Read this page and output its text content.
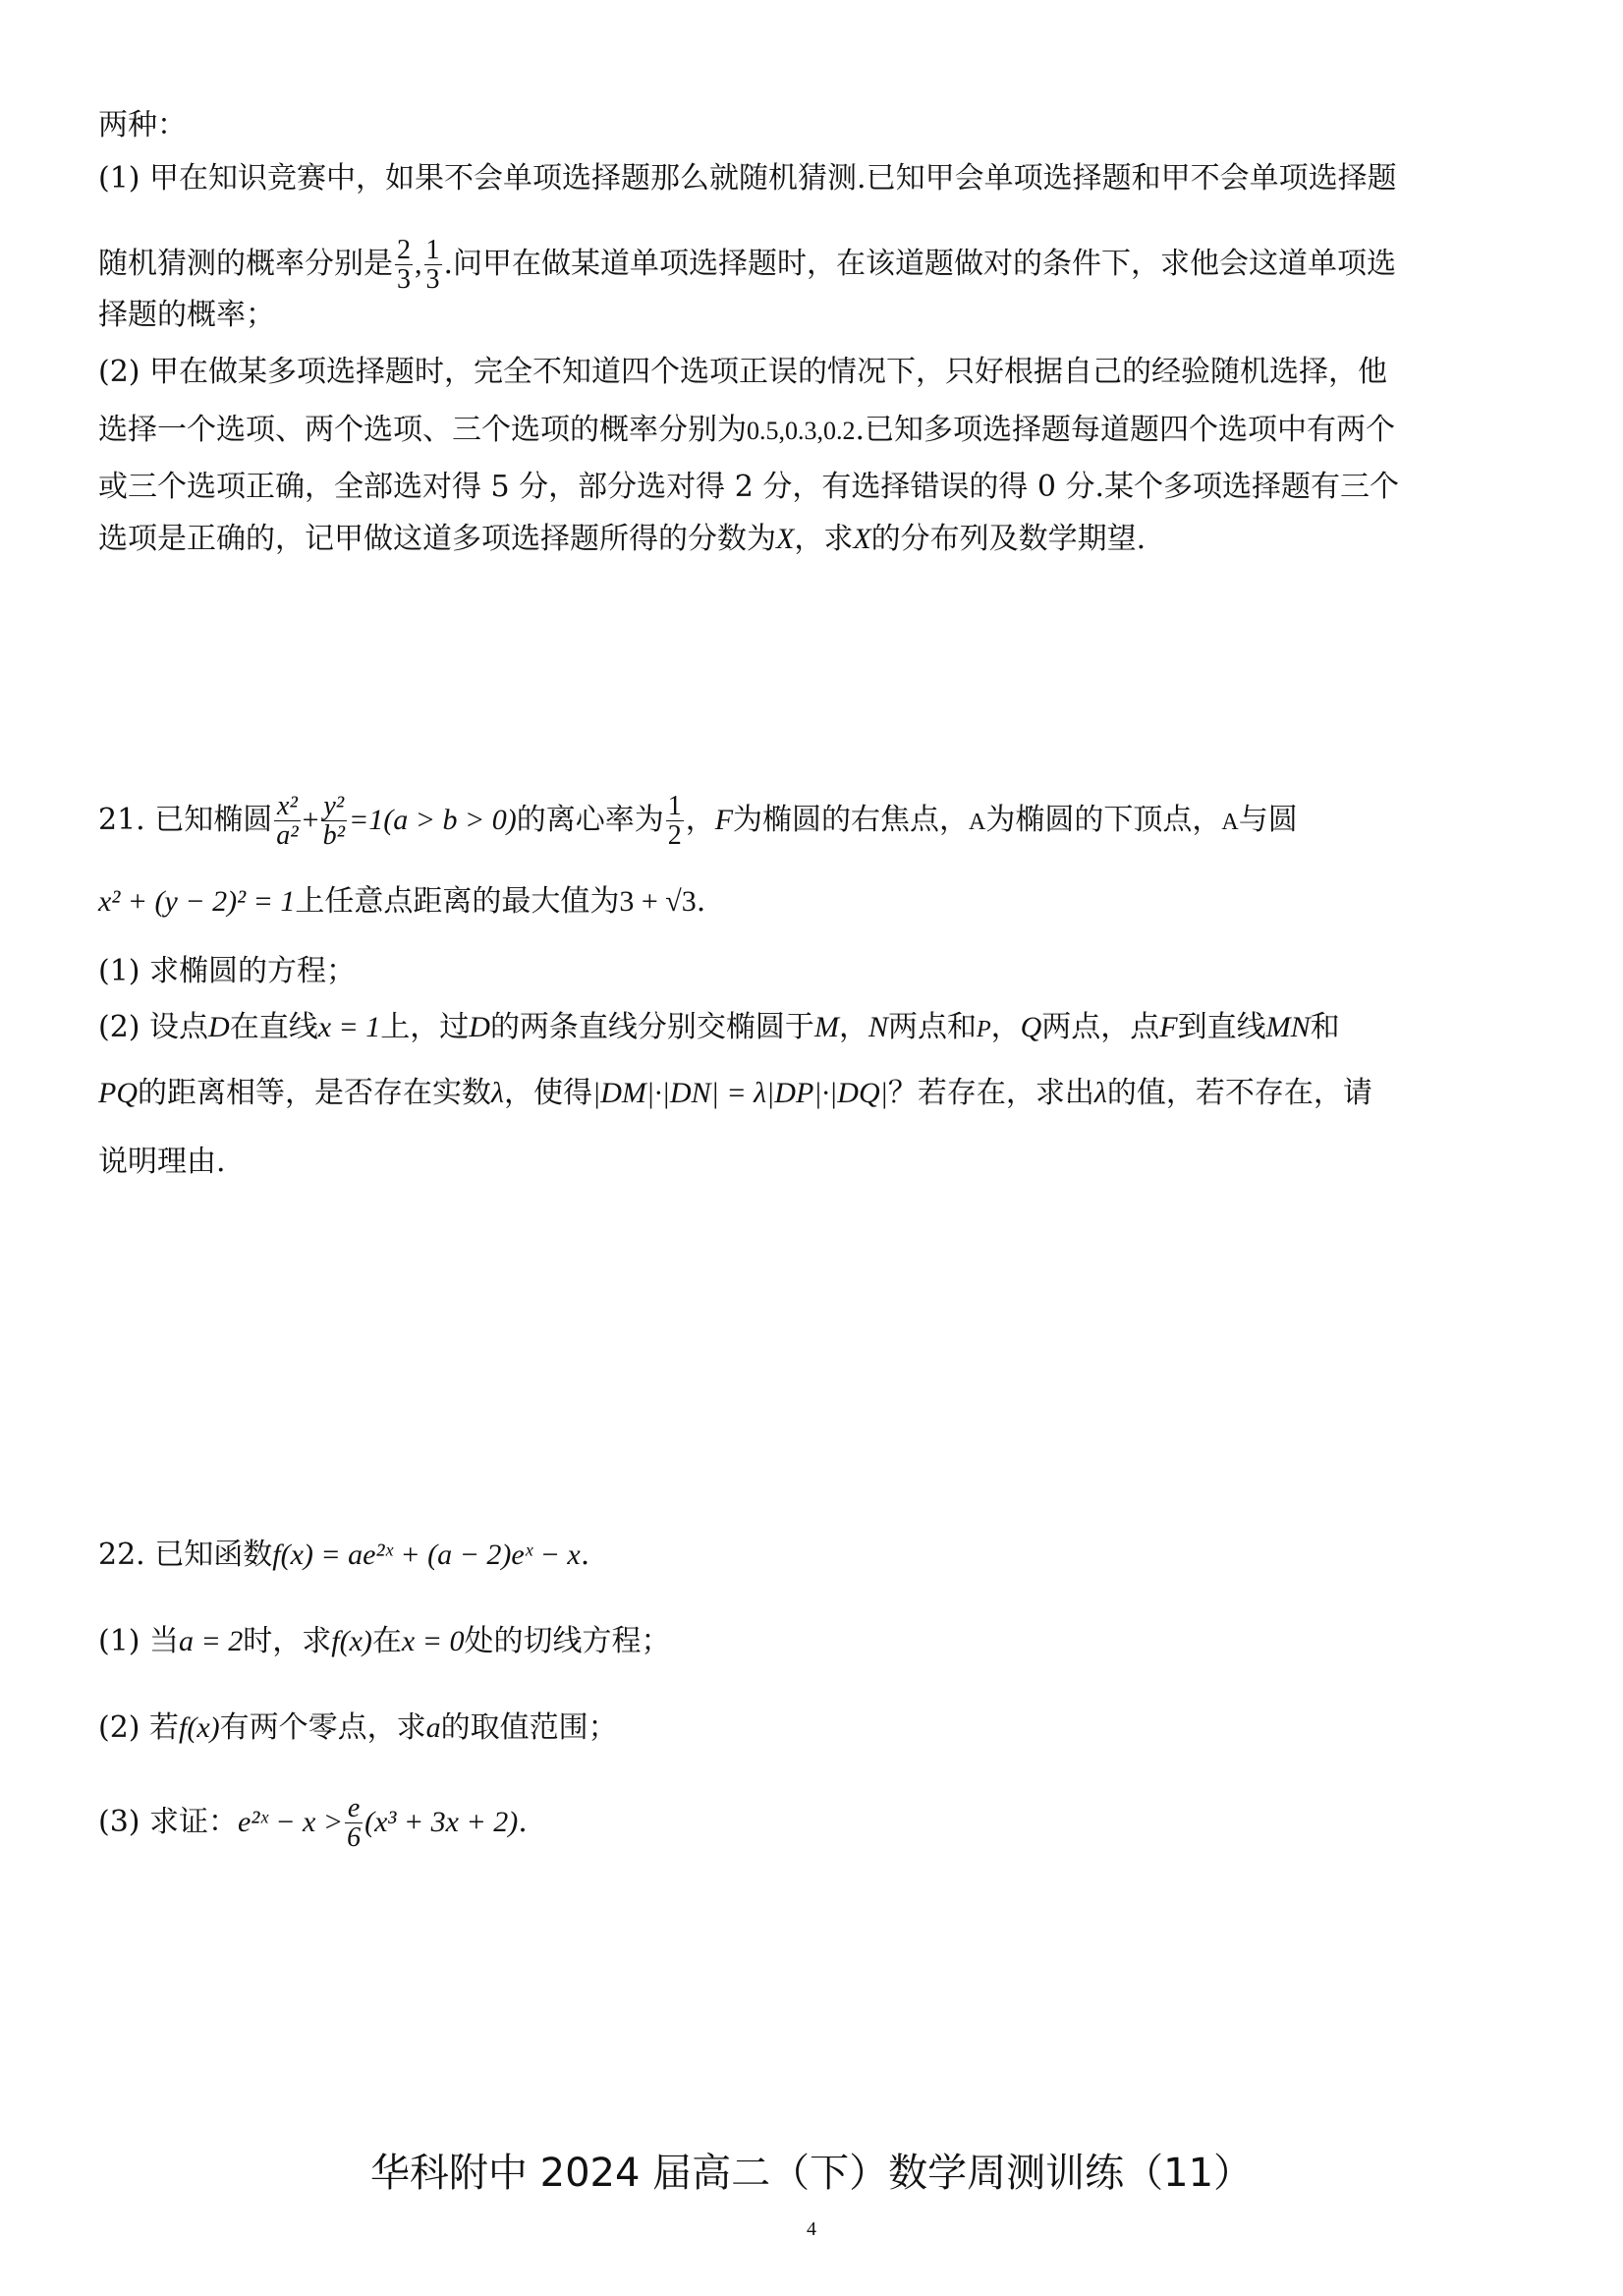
两种：
(1) 甲在知识竞赛中，如果不会单项选择题那么就随机猜测.已知甲会单项选择题和甲不会单项选择题
随机猜测的概率分别是 $\frac{2}{3}$ , $\frac{1}{3}$ .问甲在做某道单项选择题时，在该道题做对的条件下，求他会这道单项选
择题的概率；
(2) 甲在做某多项选择题时，完全不知道四个选项正误的情况下，只好根据自己的经验随机选择，他
选择一个选项、两个选项、三个选项的概率分别为0.5,0.3,0.2.已知多项选择题每道题四个选项中有两个
或三个选项正确，全部选对得 5 分，部分选对得 2 分，有选择错误的得 0 分.某个多项选择题有三个
选项是正确的，记甲做这道多项选择题所得的分数为X，求X的分布列及数学期望.
21. 已知椭圆 $\frac{\text{x²}}{\text{a²}} + \frac{\text{y²}}{\text{b²}} =1(a > b > 0)$的离心率为 $\frac{1}{2}$ ，F为椭圆的右焦点，A为椭圆的下顶点，A与圆
x² + (y − 2)² = 1上任意点距离的最大值为3 + √3.
(1) 求椭圆的方程；
(2) 设点D在直线x = 1上，过D的两条直线分别交椭圆于M，N两点和P，Q两点，点F到直线MN和
PQ的距离相等，是否存在实数λ，使得|DM|·|DN| = λ|DP|·|DQ|？若存在，求出λ的值，若不存在，请
说明理由.
22. 已知函数f(x) = ae²ˣ + (a − 2)eˣ − x.
(1) 当a = 2时，求f(x)在x = 0处的切线方程；
(2) 若f(x)有两个零点，求a的取值范围；
(3) 求证：e²ˣ − $x > \frac{e}{6} (x^3 + 3x + 2)$.
华科附中 2024 届高二（下）数学周测训练（11）
4
